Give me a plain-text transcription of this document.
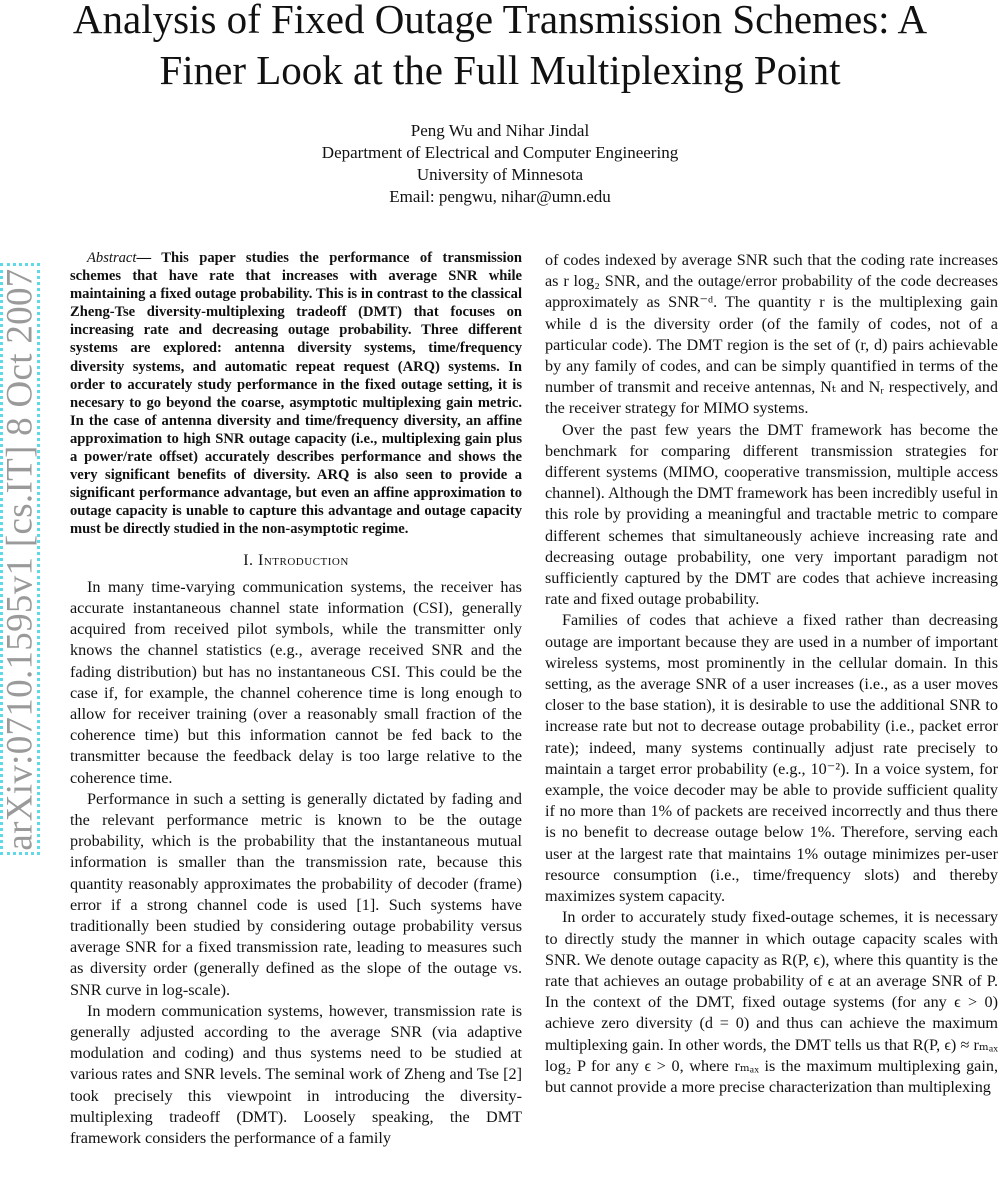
Analysis of Fixed Outage Transmission Schemes: A Finer Look at the Full Multiplexing Point
Peng Wu and Nihar Jindal
Department of Electrical and Computer Engineering
University of Minnesota
Email: pengwu, nihar@umn.edu
arXiv:0710.1595v1 [cs.IT] 8 Oct 2007

Abstract— This paper studies the performance of transmission schemes that have rate that increases with average SNR while maintaining a fixed outage probability. This is in contrast to the classical Zheng-Tse diversity-multiplexing tradeoff (DMT) that focuses on increasing rate and decreasing outage probability. Three different systems are explored: antenna diversity systems, time/frequency diversity systems, and automatic repeat request (ARQ) systems. In order to accurately study performance in the fixed outage setting, it is necesary to go beyond the coarse, asymptotic multiplexing gain metric. In the case of antenna diversity and time/frequency diversity, an affine approximation to high SNR outage capacity (i.e., multiplexing gain plus a power/rate offset) accurately describes performance and shows the very significant benefits of diversity. ARQ is also seen to provide a significant performance advantage, but even an affine approximation to outage capacity is unable to capture this advantage and outage capacity must be directly studied in the non-asymptotic regime.

I. Introduction

In many time-varying communication systems, the receiver has accurate instantaneous channel state information (CSI), generally acquired from received pilot symbols, while the transmitter only knows the channel statistics (e.g., average received SNR and the fading distribution) but has no instantaneous CSI. This could be the case if, for example, the channel coherence time is long enough to allow for receiver training (over a reasonably small fraction of the coherence time) but this information cannot be fed back to the transmitter because the feedback delay is too large relative to the coherence time.

Performance in such a setting is generally dictated by fading and the relevant performance metric is known to be the outage probability, which is the probability that the instantaneous mutual information is smaller than the transmission rate, because this quantity reasonably approximates the probability of decoder (frame) error if a strong channel code is used [1]. Such systems have traditionally been studied by considering outage probability versus average SNR for a fixed transmission rate, leading to measures such as diversity order (generally defined as the slope of the outage vs. SNR curve in log-scale).

In modern communication systems, however, transmission rate is generally adjusted according to the average SNR (via adaptive modulation and coding) and thus systems need to be studied at various rates and SNR levels. The seminal work of Zheng and Tse [2] took precisely this viewpoint in introducing the diversity-multiplexing tradeoff (DMT). Loosely speaking, the DMT framework considers the performance of a family

of codes indexed by average SNR such that the coding rate increases as r log₂ SNR, and the outage/error probability of the code decreases approximately as SNR⁻ᵈ. The quantity r is the multiplexing gain while d is the diversity order (of the family of codes, not of a particular code). The DMT region is the set of (r, d) pairs achievable by any family of codes, and can be simply quantified in terms of the number of transmit and receive antennas, Nₜ and Nᵣ respectively, and the receiver strategy for MIMO systems.

Over the past few years the DMT framework has become the benchmark for comparing different transmission strategies for different systems (MIMO, cooperative transmission, multiple access channel). Although the DMT framework has been incredibly useful in this role by providing a meaningful and tractable metric to compare different schemes that simultaneously achieve increasing rate and decreasing outage probability, one very important paradigm not sufficiently captured by the DMT are codes that achieve increasing rate and fixed outage probability.

Families of codes that achieve a fixed rather than decreasing outage are important because they are used in a number of important wireless systems, most prominently in the cellular domain. In this setting, as the average SNR of a user increases (i.e., as a user moves closer to the base station), it is desirable to use the additional SNR to increase rate but not to decrease outage probability (i.e., packet error rate); indeed, many systems continually adjust rate precisely to maintain a target error probability (e.g., 10⁻²). In a voice system, for example, the voice decoder may be able to provide sufficient quality if no more than 1% of packets are received incorrectly and thus there is no benefit to decrease outage below 1%. Therefore, serving each user at the largest rate that maintains 1% outage minimizes per-user resource consumption (i.e., time/frequency slots) and thereby maximizes system capacity.

In order to accurately study fixed-outage schemes, it is necessary to directly study the manner in which outage capacity scales with SNR. We denote outage capacity as R(P, ϵ), where this quantity is the rate that achieves an outage probability of ϵ at an average SNR of P. In the context of the DMT, fixed outage systems (for any ϵ > 0) achieve zero diversity (d = 0) and thus can achieve the maximum multiplexing gain. In other words, the DMT tells us that R(P, ϵ) ≈ rₘₐₓ log₂ P for any ϵ > 0, where rₘₐₓ is the maximum multiplexing gain, but cannot provide a more precise characterization than multiplexing
